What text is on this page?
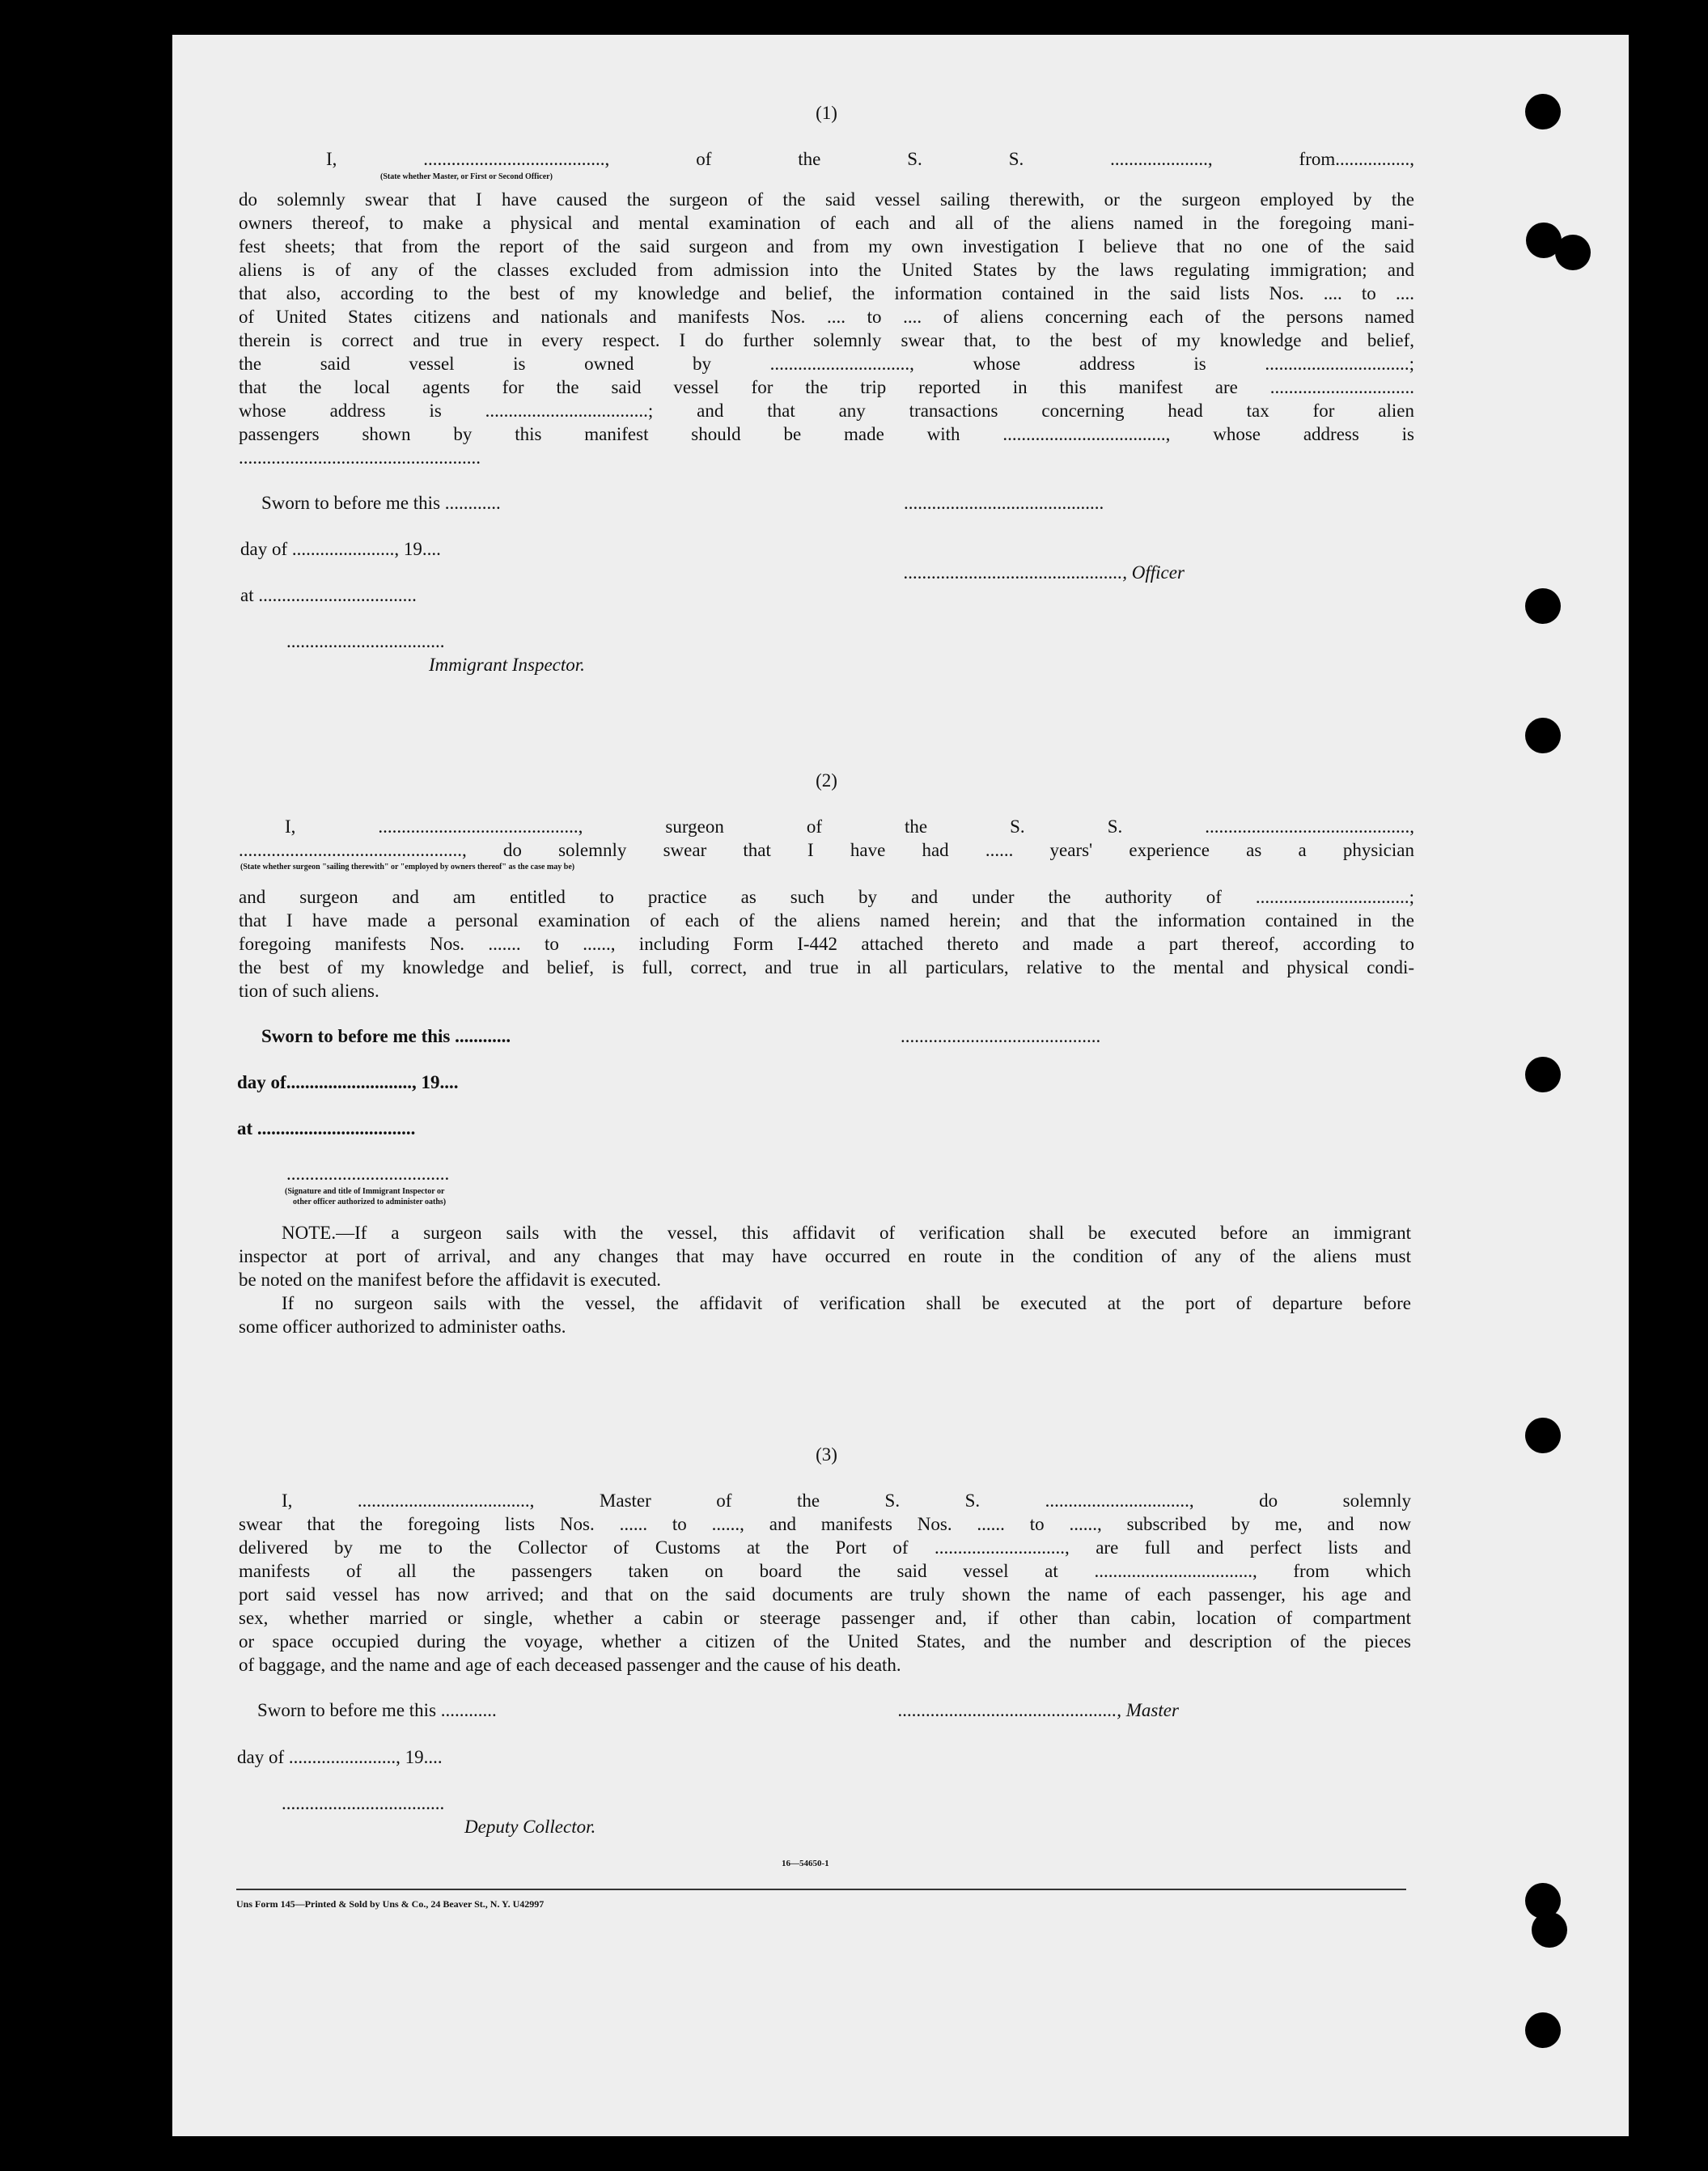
(1)
I, ......................................., of the S. S. ....................., from................,
(State whether Master, or First or Second Officer)
do solemnly swear that I have caused the surgeon of the said vessel sailing therewith, or the surgeon employed by the
owners thereof, to make a physical and mental examination of each and all of the aliens named in the foregoing mani-
fest sheets; that from the report of the said surgeon and from my own investigation I believe that no one of the said
aliens is of any of the classes excluded from admission into the United States by the laws regulating immigration; and
that also, according to the best of my knowledge and belief, the information contained in the said lists Nos. .... to ....
of United States citizens and nationals and manifests Nos. .... to .... of aliens concerning each of the persons named
therein is correct and true in every respect. I do further solemnly swear that, to the best of my knowledge and belief,
the said vessel is owned by .............................., whose address is ...............................;
that the local agents for the said vessel for the trip reported in this manifest are ...............................
whose address is ...................................; and that any transactions concerning head tax for alien
passengers shown by this manifest should be made with ..................................., whose address is
....................................................
Sworn to before me this ............	...........................................
day of ......................, 19....
..............................................., Officer
at ..................................
..................................
Immigrant Inspector.
(2)
I, ..........................................., surgeon of the S. S. ............................................,
................................................, do solemnly swear that I have had ...... years' experience as a physician
(State whether surgeon "sailing therewith" or "employed by owners thereof" as the case may be)
and surgeon and am entitled to practice as such by and under the authority of .................................;
that I have made a personal examination of each of the aliens named herein; and that the information contained in the
foregoing manifests Nos. ....... to ......, including Form I-442 attached thereto and made a part thereof, according to
the best of my knowledge and belief, is full, correct, and true in all particulars, relative to the mental and physical condi-
tion of such aliens.
Sworn to before me this ............	...........................................
day of..........................., 19....
at ..................................
...................................
(Signature and title of Immigrant Inspector or
other officer authorized to administer oaths)
NOTE.—If a surgeon sails with the vessel, this affidavit of verification shall be executed before an immigrant
inspector at port of arrival, and any changes that may have occurred en route in the condition of any of the aliens must
be noted on the manifest before the affidavit is executed.
If no surgeon sails with the vessel, the affidavit of verification shall be executed at the port of departure before
some officer authorized to administer oaths.
(3)
I, ....................................., Master of the S. S. ..............................., do solemnly
swear that the foregoing lists Nos. ...... to ......, and manifests Nos. ...... to ......, subscribed by me, and now
delivered by me to the Collector of Customs at the Port of ............................, are full and perfect lists and
manifests of all the passengers taken on board the said vessel at .................................., from which
port said vessel has now arrived; and that on the said documents are truly shown the name of each passenger, his age and
sex, whether married or single, whether a cabin or steerage passenger and, if other than cabin, location of compartment
or space occupied during the voyage, whether a citizen of the United States, and the number and description of the pieces
of baggage, and the name and age of each deceased passenger and the cause of his death.
Sworn to before me this ............	..............................................., Master
day of ......................., 19....
...................................
Deputy Collector.
16—54650-1
Uns Form 145—Printed & Sold by Uns & Co., 24 Beaver St., N. Y. U42997
